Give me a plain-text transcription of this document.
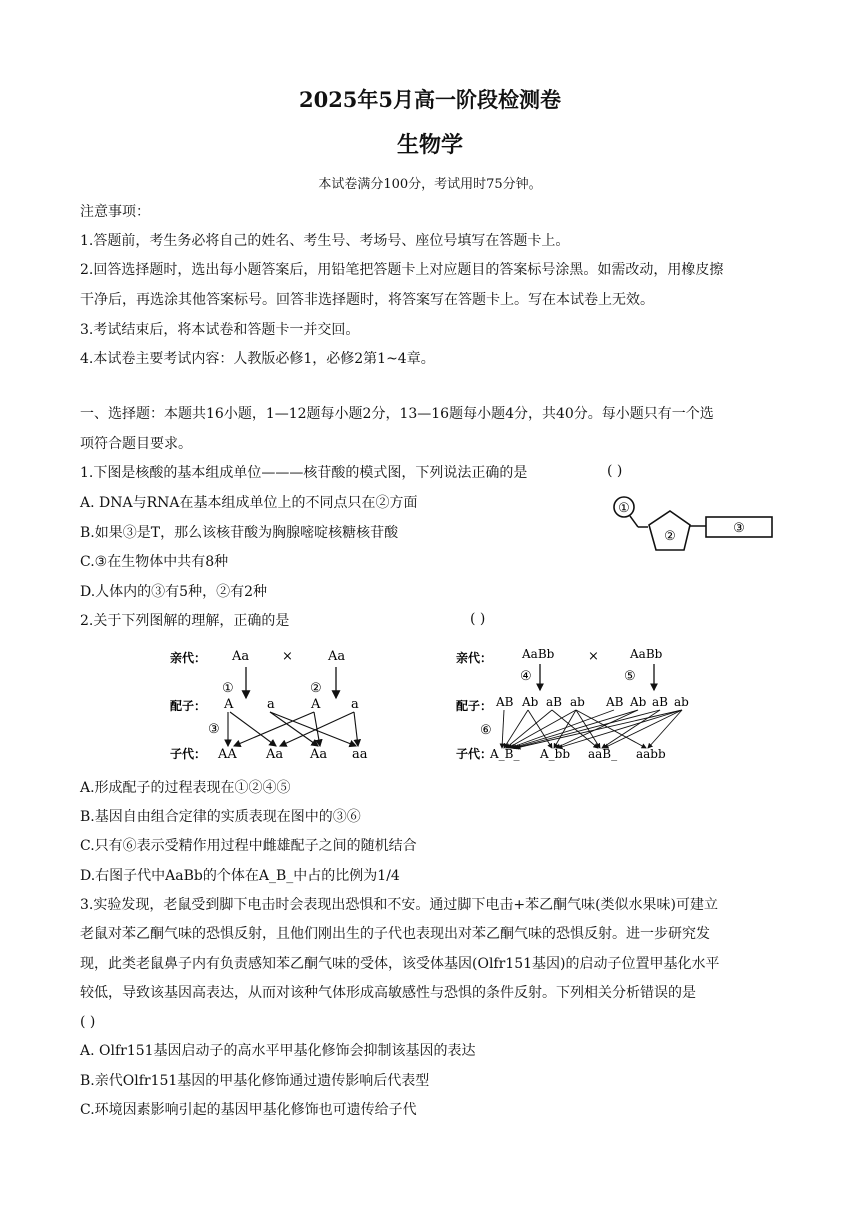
2025年5月高一阶段检测卷
生物学
本试卷满分100分，考试用时75分钟。
注意事项：
1.答题前，考生务必将自己的姓名、考生号、考场号、座位号填写在答题卡上。
2.回答选择题时，选出每小题答案后，用铅笔把答题卡上对应题目的答案标号涂黑。如需改动，用橡皮擦
干净后，再选涂其他答案标号。回答非选择题时，将答案写在答题卡上。写在本试卷上无效。
3.考试结束后，将本试卷和答题卡一并交回。
4.本试卷主要考试内容：人教版必修1，必修2第1~4章。
一、选择题：本题共16小题，1—12题每小题2分，13—16题每小题4分，共40分。每小题只有一个选
项符合题目要求。
1.下图是核酸的基本组成单位———核苷酸的模式图，下列说法正确的是	( )
A. DNA与RNA在基本组成单位上的不同点只在②方面
B.如果③是T，那么该核苷酸为胸腺嘧啶核糖核苷酸
C.③在生物体中共有8种
D.人体内的③有5种，②有2种
①
②
③
2.关于下列图解的理解，正确的是	( )
亲代： Aa	×	Aa
①	②
配子： A	a	A a
③
子代： AA Aa Aa aa
亲代： AaBb	×	AaBb
④	⑤
配子： AB Ab aB ab AB Ab aB ab
⑥
子代：
A_B_ A_bb aaB_ aabb
A.形成配子的过程表现在①②④⑤
B.基因自由组合定律的实质表现在图中的③⑥
C.只有⑥表示受精作用过程中雌雄配子之间的随机结合
D.右图子代中AaBb的个体在A_B_中占的比例为1/4
3.实验发现，老鼠受到脚下电击时会表现出恐惧和不安。通过脚下电击+苯乙酮气味(类似水果味)可建立
老鼠对苯乙酮气味的恐惧反射，且他们刚出生的子代也表现出对苯乙酮气味的恐惧反射。进一步研究发
现，此类老鼠鼻子内有负责感知苯乙酮气味的受体，该受体基因(Olfr151基因)的启动子位置甲基化水平
较低，导致该基因高表达，从而对该种气体形成高敏感性与恐惧的条件反射。下列相关分析错误的是
( )
A. Olfr151基因启动子的高水平甲基化修饰会抑制该基因的表达
B.亲代Olfr151基因的甲基化修饰通过遗传影响后代表型
C.环境因素影响引起的基因甲基化修饰也可遗传给子代
